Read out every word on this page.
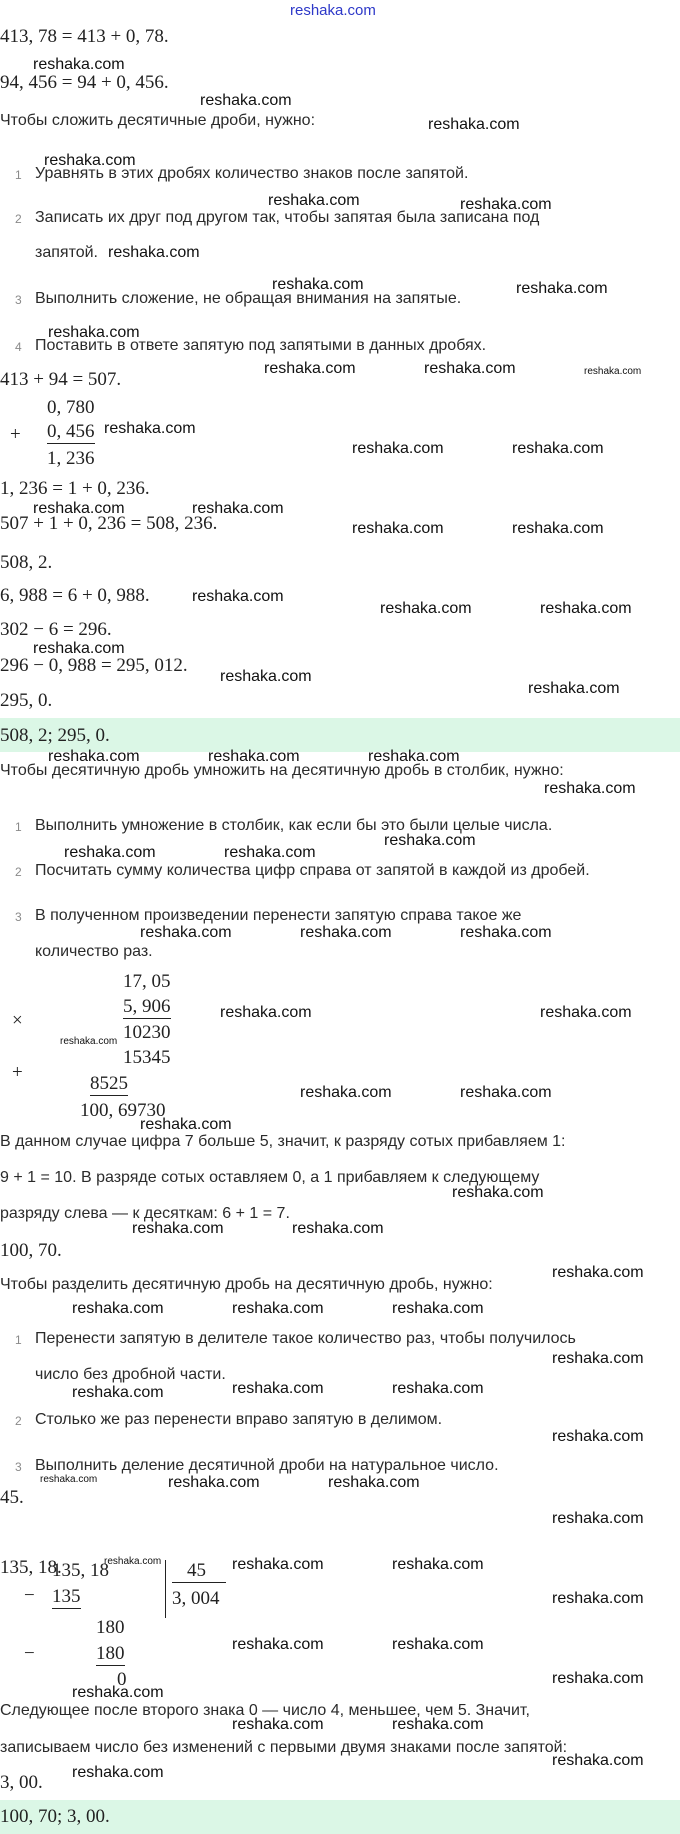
reshaka.com
413, 78 = 413 + 0, 78.
94, 456 = 94 + 0, 456.
Чтобы сложить десятичные дроби, нужно:
1 Уравнять в этих дробях количество знаков после запятой.
2 Записать их друг под другом так, чтобы запятая была записана под
запятой.
3 Выполнить сложение, не обращая внимания на запятые.
4 Поставить в ответе запятую под запятыми в данных дробях.
413 + 94 = 507.
+
0, 780
0, 456
1, 236
1, 236 = 1 + 0, 236.
507 + 1 + 0, 236 = 508, 236.
508, 2.
6, 988 = 6 + 0, 988.
302 − 6 = 296.
296 − 0, 988 = 295, 012.
295, 0.
508, 2; 295, 0.
Чтобы десятичную дробь умножить на десятичную дробь в столбик, нужно:
1 Выполнить умножение в столбик, как если бы это были целые числа.
2 Посчитать сумму количества цифр справа от запятой в каждой из дробей.
3 В полученном произведении перенести запятую справа такое же
количество раз.
×
+
17, 05
5, 906
10230
15345
8525
100, 69730
В данном случае цифра 7 больше 5, значит, к разряду сотых прибавляем 1:
9 + 1 = 10. В разряде сотых оставляем 0, а 1 прибавляем к следующему
разряду слева — к десяткам: 6 + 1 = 7.
100, 70.
Чтобы разделить десятичную дробь на десятичную дробь, нужно:
1 Перенести запятую в делителе такое количество раз, чтобы получилось
число без дробной части.
2 Столько же раз перенести вправо запятую в делимом.
3 Выполнить деление десятичной дроби на натуральное число.
45.
135, 18.
−
135, 18
135
45
3, 004
180
−	180
0
Следующее после второго знака 0 — число 4, меньшее, чем 5. Значит,
записываем число без изменений с первыми двумя знаками после запятой:
3, 00.
100, 70; 3, 00.
reshaka.com
reshaka.com
reshaka.com
reshaka.com
reshaka.com	reshaka.com
reshaka.com
reshaka.com	reshaka.com
reshaka.com
reshaka.com	reshaka.com	reshaka.com
reshaka.com
reshaka.com	reshaka.com
reshaka.com	reshaka.com
reshaka.com	reshaka.com
reshaka.com
reshaka.com	reshaka.com
reshaka.com
reshaka.com
reshaka.com
reshaka.com	reshaka.com	reshaka.com
reshaka.com
reshaka.com
reshaka.com	reshaka.com
reshaka.com	reshaka.com	reshaka.com
reshaka.com	reshaka.com
reshaka.com
reshaka.com	reshaka.com
reshaka.com
reshaka.com
reshaka.com	reshaka.com
reshaka.com
reshaka.com	reshaka.com	reshaka.com
reshaka.com
reshaka.com	reshaka.com	reshaka.com
reshaka.com
reshaka.com	reshaka.com	reshaka.com
reshaka.com
reshaka.com	reshaka.com	reshaka.com
reshaka.com
reshaka.com	reshaka.com
reshaka.com
reshaka.com
reshaka.com	reshaka.com
reshaka.com
reshaka.com
